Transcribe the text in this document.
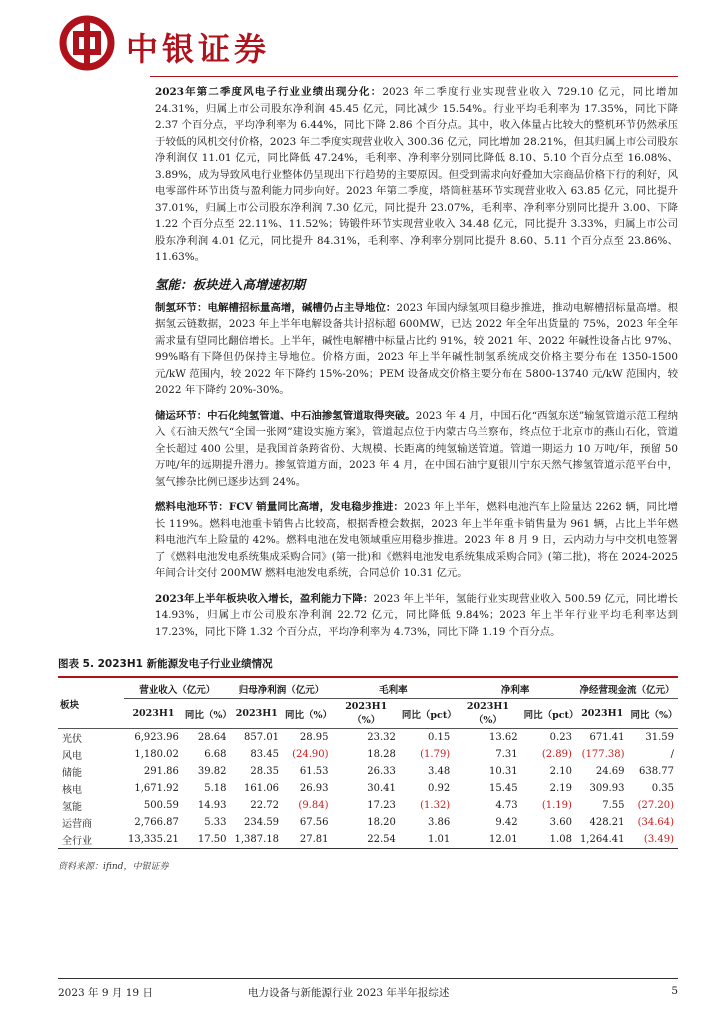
中银证券

2023年第二季度风电子行业业绩出现分化：2023 年二季度行业实现营业收入 729.10 亿元，同比增加 24.31%，归属上市公司股东净利润 45.45 亿元，同比减少 15.54%。行业平均毛利率为 17.35%，同比下降 2.37 个百分点，平均净利率为 6.44%，同比下降 2.86 个百分点。其中，收入体量占比较大的整机环节仍然承压于较低的风机交付价格，2023 年二季度实现营业收入 300.36 亿元，同比增加 28.21%，但其归属上市公司股东净利润仅 11.01 亿元，同比降低 47.24%，毛利率、净利率分别同比降低 8.10、5.10 个百分点至 16.08%、3.89%，成为导致风电行业整体仍呈现出下行趋势的主要原因。但受到需求向好叠加大宗商品价格下行的利好，风电零部件环节出货与盈利能力同步向好。2023 年第二季度，塔筒桩基环节实现营业收入 63.85 亿元，同比提升 37.01%，归属上市公司股东净利润 7.30 亿元，同比提升 23.07%，毛利率、净利率分别同比提升 3.00、下降 1.22 个百分点至 22.11%、11.52%；铸锻件环节实现营业收入 34.48 亿元，同比提升 3.33%，归属上市公司股东净利润 4.01 亿元，同比提升 84.31%，毛利率、净利率分别同比提升 8.60、5.11 个百分点至 23.86%、11.63%。

氢能：板块进入高增速初期

制氢环节：电解槽招标量高增，碱槽仍占主导地位：2023 年国内绿氢项目稳步推进，推动电解槽招标量高增。根据氢云链数据，2023 年上半年电解设备共计招标超 600MW，已达 2022 年全年出货量的 75%，2023 年全年需求量有望同比翻倍增长。上半年，碱性电解槽中标量占比约 91%，较 2021 年、2022 年碱性设备占比 97%、99%略有下降但仍保持主导地位。价格方面，2023 年上半年碱性制氢系统成交价格主要分布在 1350-1500 元/kW 范围内，较 2022 年下降约 15%-20%；PEM 设备成交价格主要分布在 5800-13740 元/kW 范围内，较 2022 年下降约 20%-30%。

储运环节：中石化纯氢管道、中石油掺氢管道取得突破。2023 年 4 月，中国石化“西氢东送”输氢管道示范工程纳入《石油天然气“全国一张网”建设实施方案》，管道起点位于内蒙古乌兰察布，终点位于北京市的燕山石化，管道全长超过 400 公里，是我国首条跨省份、大规模、长距离的纯氢输送管道。管道一期运力 10 万吨/年，预留 50 万吨/年的远期提升潜力。掺氢管道方面，2023 年 4 月，在中国石油宁夏银川宁东天然气掺氢管道示范平台中，氢气掺杂比例已逐步达到 24%。

燃料电池环节：FCV 销量同比高增，发电稳步推进：2023 年上半年，燃料电池汽车上险量达 2262 辆，同比增长 119%。燃料电池重卡销售占比较高，根据香橙会数据，2023 年上半年重卡销售量为 961 辆，占比上半年燃料电池汽车上险量的 42%。燃料电池在发电领域重应用稳步推进。2023 年 8 月 9 日，云内动力与中交机电签署了《燃料电池发电系统集成采购合同》(第一批)和《燃料电池发电系统集成采购合同》(第二批)，将在 2024-2025 年间合计交付 200MW 燃料电池发电系统，合同总价 10.31 亿元。

2023年上半年板块收入增长，盈利能力下降：2023 年上半年，氢能行业实现营业收入 500.59 亿元，同比增长 14.93%，归属上市公司股东净利润 22.72 亿元，同比降低 9.84%；2023 年上半年行业平均毛利率达到 17.23%，同比下降 1.32 个百分点，平均净利率为 4.73%，同比下降 1.19 个百分点。

图表 5. 2023H1 新能源发电子行业业绩情况
板块	营业收入（亿元）		归母净利润（亿元）		毛利率		净利率		净经营现金流（亿元）	
	2023H1	同比（%）	2023H1	同比（%）	2023H1（%）	同比（pct）	2023H1（%）	同比（pct）	2023H1	同比（%）
光伏	6,923.96	28.64	857.01	28.95	23.32	0.15	13.62	0.23	671.41	31.59
风电	1,180.02	6.68	83.45	(24.90)	18.28	(1.79)	7.31	(2.89)	(177.38)	/
储能	291.86	39.82	28.35	61.53	26.33	3.48	10.31	2.10	24.69	638.77
核电	1,671.92	5.18	161.06	26.93	30.41	0.92	15.45	2.19	309.93	0.35
氢能	500.59	14.93	22.72	(9.84)	17.23	(1.32)	4.73	(1.19)	7.55	(27.20)
运营商	2,766.87	5.33	234.59	67.56	18.20	3.86	9.42	3.60	428.21	(34.64)
全行业	13,335.21	17.50	1,387.18	27.81	22.54	1.01	12.01	1.08	1,264.41	(3.49)
资料来源：ifind，中银证券
2023 年 9 月 19 日	电力设备与新能源行业 2023 年半年报综述	5
